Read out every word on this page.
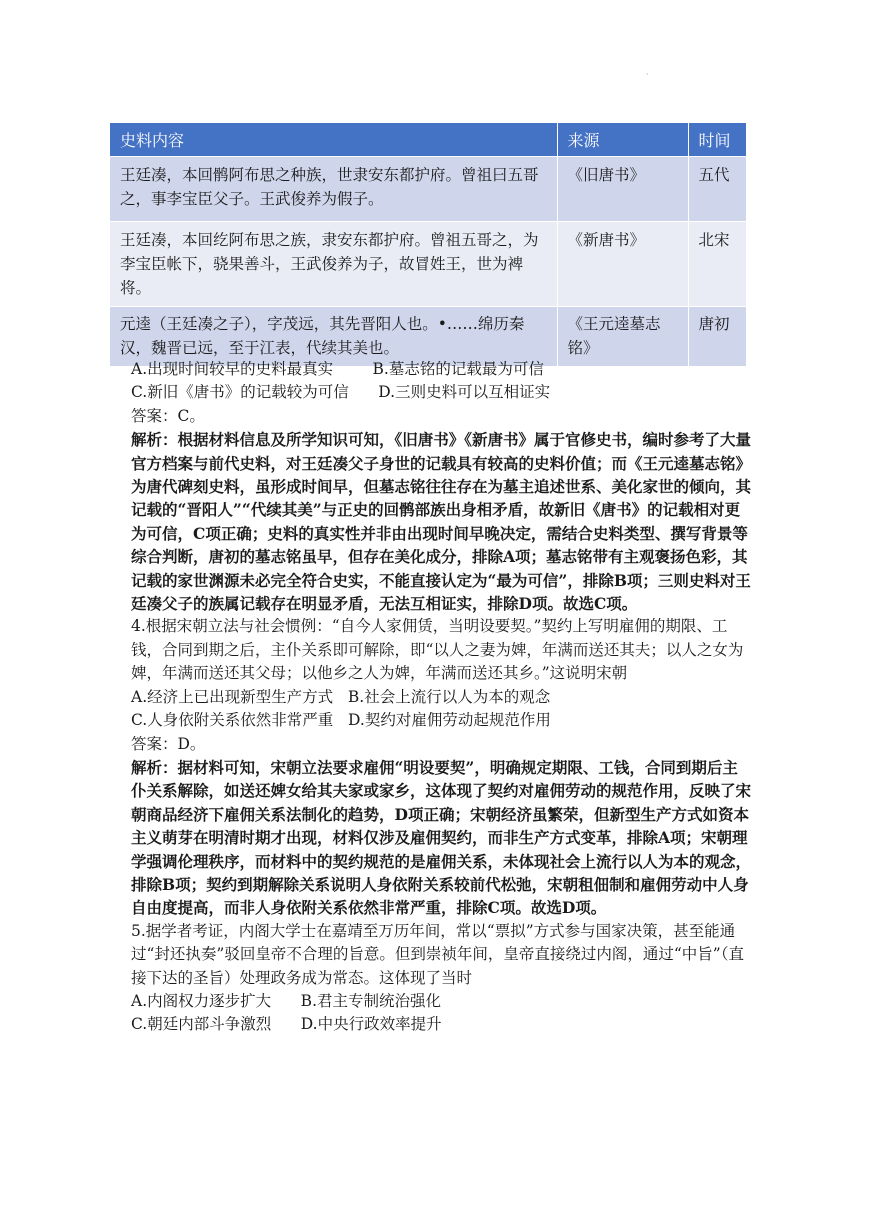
·
史料内容	来源	时间
王廷凑，本回鹘阿布思之种族，世隶安东都护府。曾祖曰五哥之，事李宝臣父子。王武俊养为假子。	《旧唐书》	五代
王廷凑，本回纥阿布思之族，隶安东都护府。曾祖五哥之，为李宝臣帐下，骁果善斗，王武俊养为子，故冒姓王，世为裨将。	《新唐书》	北宋
元逵（王廷凑之子），字茂远，其先晋阳人也。•……绵历秦汉，魏晋已远，至于江表，代续其美也。	《王元逵墓志铭》	唐初

A.出现时间较早的史料最真实        B.墓志铭的记载最为可信

C.新旧《唐书》的记载较为可信      D.三则史料可以互相证实

答案：C。

解析：根据材料信息及所学知识可知，《旧唐书》《新唐书》属于官修史书，编时参考了大量官方档案与前代史料，对王廷凑父子身世的记载具有较高的史料价值；而《王元逵墓志铭》为唐代碑刻史料，虽形成时间早，但墓志铭往往存在为墓主追述世系、美化家世的倾向，其记载的“晋阳人”“代续其美”与正史的回鹘部族出身相矛盾，故新旧《唐书》的记载相对更为可信，C项正确；史料的真实性并非由出现时间早晚决定，需结合史料类型、撰写背景等综合判断，唐初的墓志铭虽早，但存在美化成分，排除A项；墓志铭带有主观褒扬色彩，其记载的家世渊源未必完全符合史实，不能直接认定为“最为可信”，排除B项；三则史料对王廷凑父子的族属记载存在明显矛盾，无法互相证实，排除D项。故选C项。

4.根据宋朝立法与社会惯例：“自今人家佣赁，当明设要契。”契约上写明雇佣的期限、工钱，合同到期之后，主仆关系即可解除，即“以人之妻为婢，年满而送还其夫；以人之女为婢，年满而送还其父母；以他乡之人为婢，年满而送还其乡。”这说明宋朝

A.经济上已出现新型生产方式   B.社会上流行以人为本的观念

C.人身依附关系依然非常严重   D.契约对雇佣劳动起规范作用

答案：D。

解析：据材料可知，宋朝立法要求雇佣“明设要契”，明确规定期限、工钱，合同到期后主仆关系解除，如送还婢女给其夫家或家乡，这体现了契约对雇佣劳动的规范作用，反映了宋朝商品经济下雇佣关系法制化的趋势，D项正确；宋朝经济虽繁荣，但新型生产方式如资本主义萌芽在明清时期才出现，材料仅涉及雇佣契约，而非生产方式变革，排除A项；宋朝理学强调伦理秩序，而材料中的契约规范的是雇佣关系，未体现社会上流行以人为本的观念，排除B项；契约到期解除关系说明人身依附关系较前代松弛，宋朝租佃制和雇佣劳动中人身自由度提高，而非人身依附关系依然非常严重，排除C项。故选D项。

5.据学者考证，内阁大学士在嘉靖至万历年间，常以“票拟”方式参与国家决策，甚至能通过“封还执奏”驳回皇帝不合理的旨意。但到崇祯年间，皇帝直接绕过内阁，通过“中旨”（直接下达的圣旨）处理政务成为常态。这体现了当时

A.内阁权力逐步扩大      B.君主专制统治强化

C.朝廷内部斗争激烈      D.中央行政效率提升
